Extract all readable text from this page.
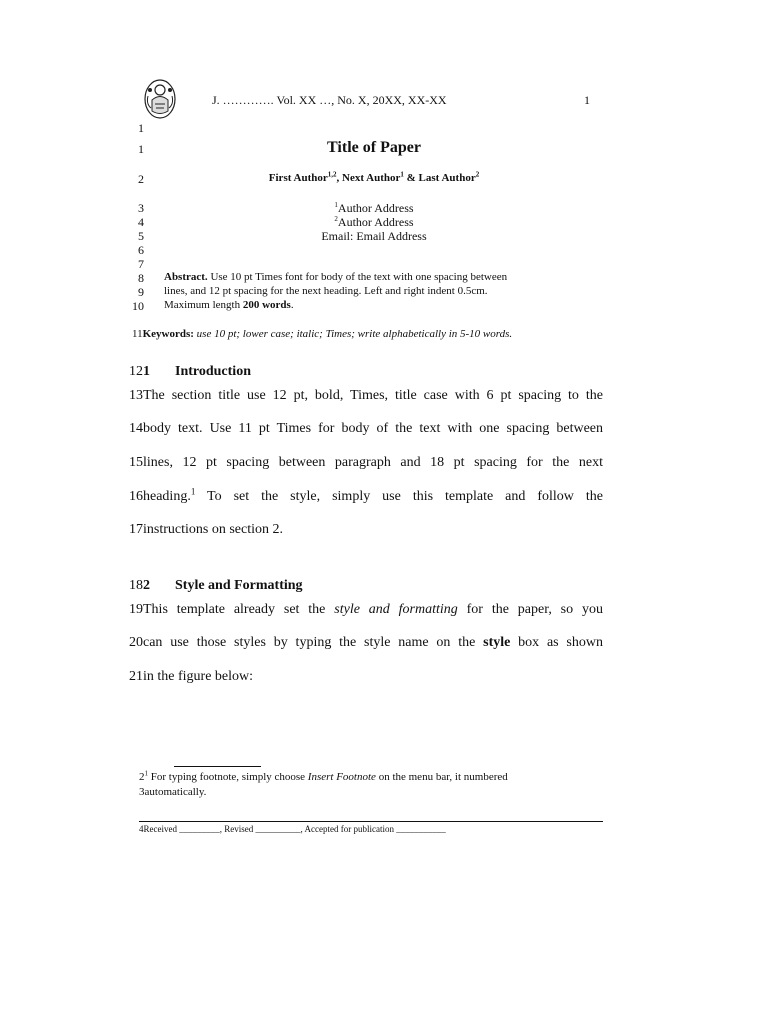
J. …………. Vol. XX …, No. X, 20XX, XX-XX	1
1
1
2
3
4
5
6
7
8
9
10
Title of Paper
First Author$^{1,2}$, Next Author$^1$ & Last Author$^2$
$^1$Author Address
$^2$Author Address
Email: Email Address
Abstract. Use 10 pt Times font for body of the text with one spacing between
lines, and 12 pt spacing for the next heading. Left and right indent 0.5cm.
Maximum length 200 words.
11Keywords: use 10 pt; lower case; italic; Times; write alphabetically in 5-10 words.
121 Introduction
13 The section title use 12 pt, bold, Times, title case with 6 pt spacing to the
14 body text. Use 11 pt Times for body of the text with one spacing between
15 lines, 12 pt spacing between paragraph and 18 pt spacing for the next
16 heading.$^1$ To set the style, simply use this template and follow the
17instructions on section 2.
182 Style and Formatting
19 This template already set the style and formatting for the paper, so you
20 can use those styles by typing the style name on the style box as shown
21in the figure below:
$2^1$ For typing footnote, simply choose Insert Footnote on the menu bar, it numbered
3automatically.
4Received _________, Revised __________, Accepted for publication ___________
